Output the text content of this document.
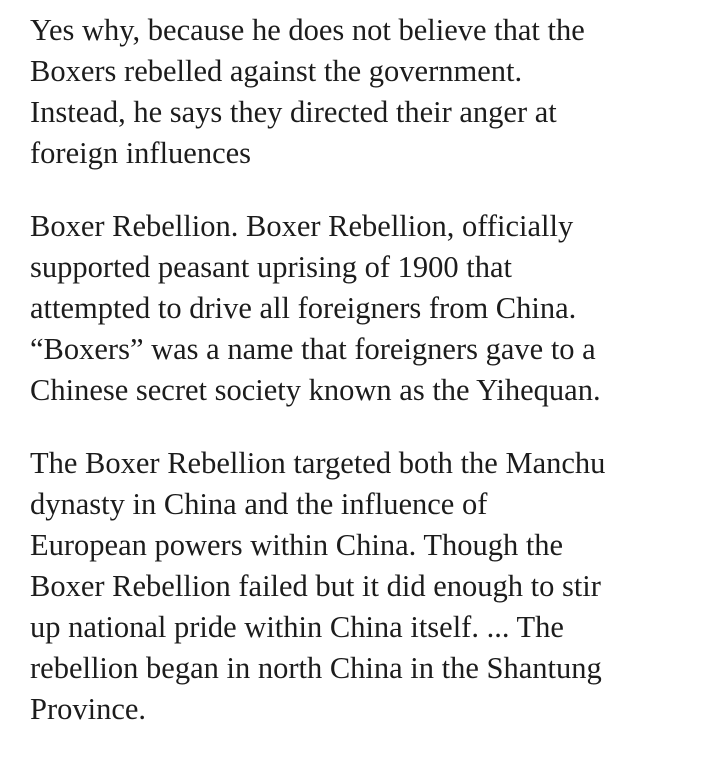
Yes why, because he does not believe that the
Boxers rebelled against the government.
Instead, he says they directed their anger at
foreign influences

Boxer Rebellion. Boxer Rebellion, officially
supported peasant uprising of 1900 that
attempted to drive all foreigners from China.
“Boxers” was a name that foreigners gave to a
Chinese secret society known as the Yihequan.

The Boxer Rebellion targeted both the Manchu
dynasty in China and the influence of
European powers within China. Though the
Boxer Rebellion failed but it did enough to stir
up national pride within China itself. ... The
rebellion began in north China in the Shantung
Province.
